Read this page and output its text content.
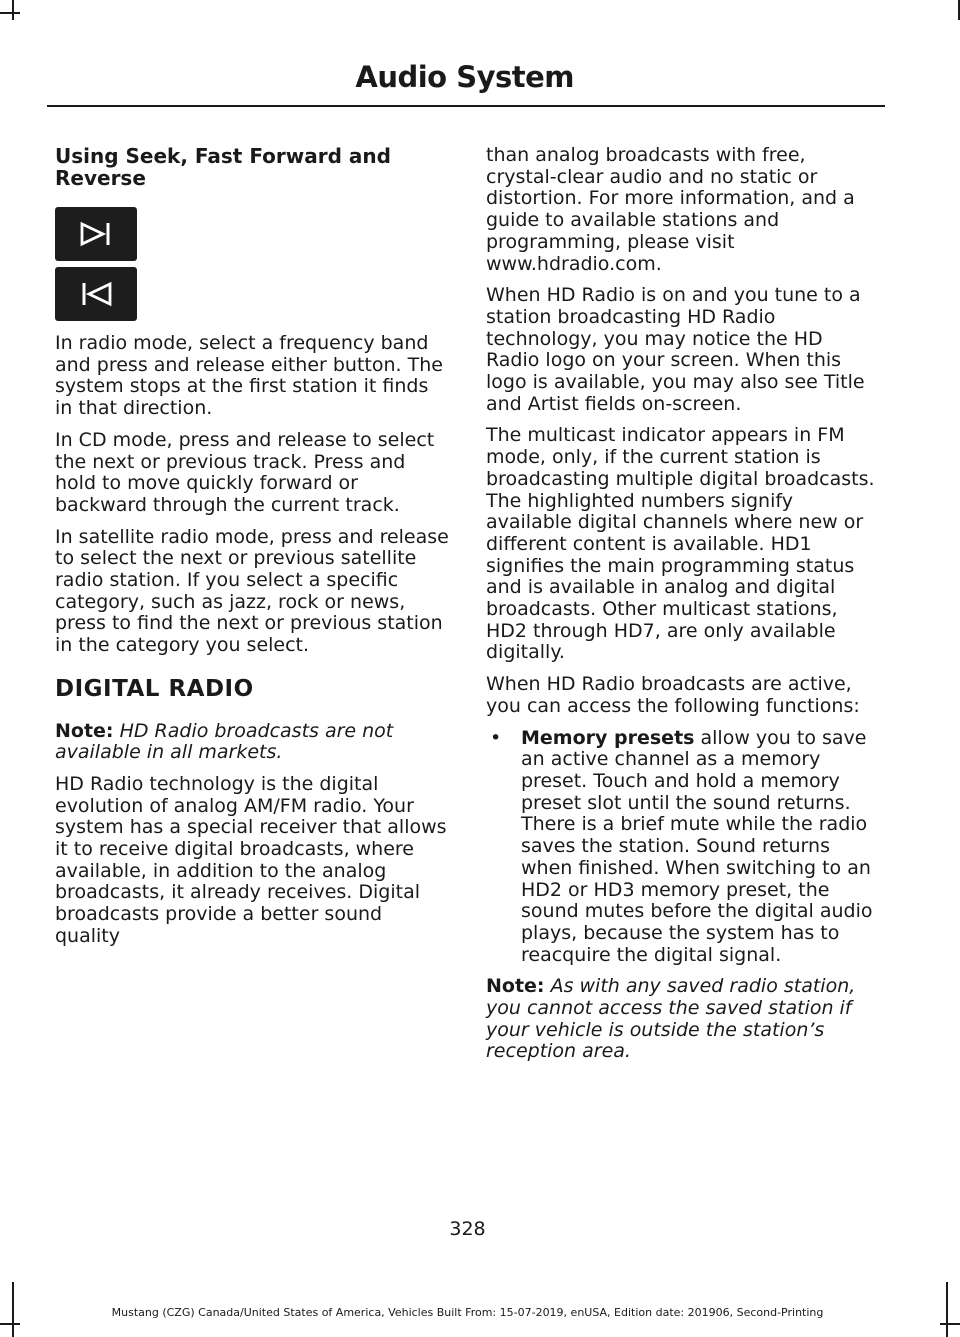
Audio System
Using Seek, Fast Forward and Reverse

In radio mode, select a frequency band and press and release either button. The system stops at the first station it finds in that direction.

In CD mode, press and release to select the next or previous track. Press and hold to move quickly forward or backward through the current track.

In satellite radio mode, press and release to select the next or previous satellite radio station. If you select a specific category, such as jazz, rock or news, press to find the next or previous station in the category you select.

DIGITAL RADIO

Note: HD Radio broadcasts are not available in all markets.

HD Radio technology is the digital evolution of analog AM/FM radio. Your system has a special receiver that allows it to receive digital broadcasts, where available, in addition to the analog broadcasts, it already receives. Digital broadcasts provide a better sound quality

than analog broadcasts with free, crystal-clear audio and no static or distortion. For more information, and a guide to available stations and programming, please visit www.hdradio.com.

When HD Radio is on and you tune to a station broadcasting HD Radio technology, you may notice the HD Radio logo on your screen. When this logo is available, you may also see Title and Artist fields on-screen.

The multicast indicator appears in FM mode, only, if the current station is broadcasting multiple digital broadcasts. The highlighted numbers signify available digital channels where new or different content is available. HD1 signifies the main programming status and is available in analog and digital broadcasts. Other multicast stations, HD2 through HD7, are only available digitally.

When HD Radio broadcasts are active, you can access the following functions:

• Memory presets allow you to save an active channel as a memory preset. Touch and hold a memory preset slot until the sound returns. There is a brief mute while the radio saves the station. Sound returns when finished. When switching to an HD2 or HD3 memory preset, the sound mutes before the digital audio plays, because the system has to reacquire the digital signal.

Note: As with any saved radio station, you cannot access the saved station if your vehicle is outside the station’s reception area.

328
Mustang (CZG) Canada/United States of America, Vehicles Built From: 15-07-2019, enUSA, Edition date: 201906, Second-Printing
